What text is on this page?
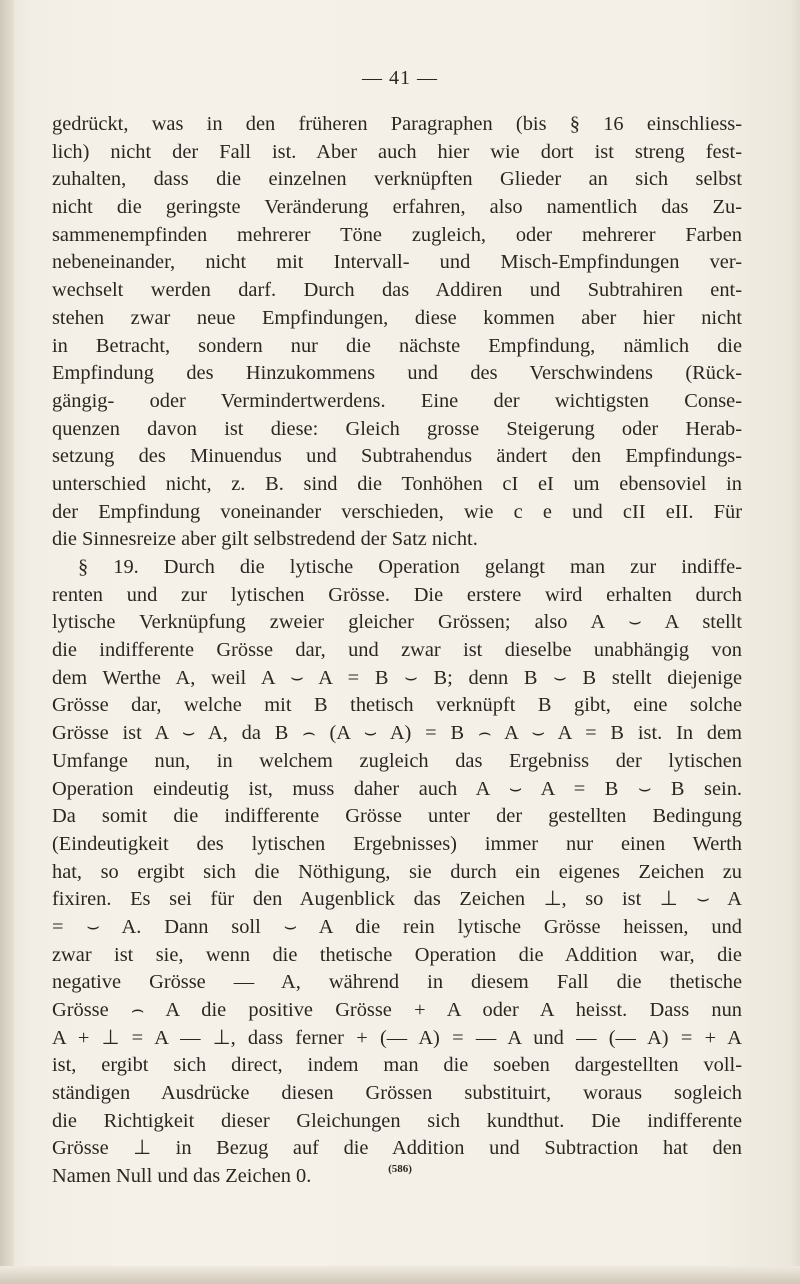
— 41 —
gedrückt, was in den früheren Paragraphen (bis § 16 einschliess-
lich) nicht der Fall ist. Aber auch hier wie dort ist streng fest-
zuhalten, dass die einzelnen verknüpften Glieder an sich selbst
nicht die geringste Veränderung erfahren, also namentlich das Zu-
sammenempfinden mehrerer Töne zugleich, oder mehrerer Farben
nebeneinander, nicht mit Intervall- und Misch-Empfindungen ver-
wechselt werden darf. Durch das Addiren und Subtrahiren ent-
stehen zwar neue Empfindungen, diese kommen aber hier nicht
in Betracht, sondern nur die nächste Empfindung, nämlich die
Empfindung des Hinzukommens und des Verschwindens (Rück-
gängig- oder Vermindertwerdens. Eine der wichtigsten Conse-
quenzen davon ist diese: Gleich grosse Steigerung oder Herab-
setzung des Minuendus und Subtrahendus ändert den Empfindungs-
unterschied nicht, z. B. sind die Tonhöhen cI eI um ebensoviel in
der Empfindung voneinander verschieden, wie c e und cII eII. Für
die Sinnesreize aber gilt selbstredend der Satz nicht.
§ 19. Durch die lytische Operation gelangt man zur indiffe-
renten und zur lytischen Grösse. Die erstere wird erhalten durch
lytische Verknüpfung zweier gleicher Grössen; also A ⌣ A stellt
die indifferente Grösse dar, und zwar ist dieselbe unabhängig von
dem Werthe A, weil A ⌣ A = B ⌣ B; denn B ⌣ B stellt diejenige
Grösse dar, welche mit B thetisch verknüpft B gibt, eine solche
Grösse ist A ⌣ A, da B ⌢ (A ⌣ A) = B ⌢ A ⌣ A = B ist. In dem
Umfange nun, in welchem zugleich das Ergebniss der lytischen
Operation eindeutig ist, muss daher auch A ⌣ A = B ⌣ B sein.
Da somit die indifferente Grösse unter der gestellten Bedingung
(Eindeutigkeit des lytischen Ergebnisses) immer nur einen Werth
hat, so ergibt sich die Nöthigung, sie durch ein eigenes Zeichen zu
fixiren. Es sei für den Augenblick das Zeichen ⊥, so ist ⊥ ⌣ A
= ⌣ A. Dann soll ⌣ A die rein lytische Grösse heissen, und
zwar ist sie, wenn die thetische Operation die Addition war, die
negative Grösse — A, während in diesem Fall die thetische
Grösse ⌢ A die positive Grösse + A oder A heisst. Dass nun
A + ⊥ = A — ⊥, dass ferner + (— A) = — A und — (— A) = + A
ist, ergibt sich direct, indem man die soeben dargestellten voll-
ständigen Ausdrücke diesen Grössen substituirt, woraus sogleich
die Richtigkeit dieser Gleichungen sich kundthut. Die indifferente
Grösse ⊥ in Bezug auf die Addition und Subtraction hat den
Namen Null und das Zeichen 0.	(586)
